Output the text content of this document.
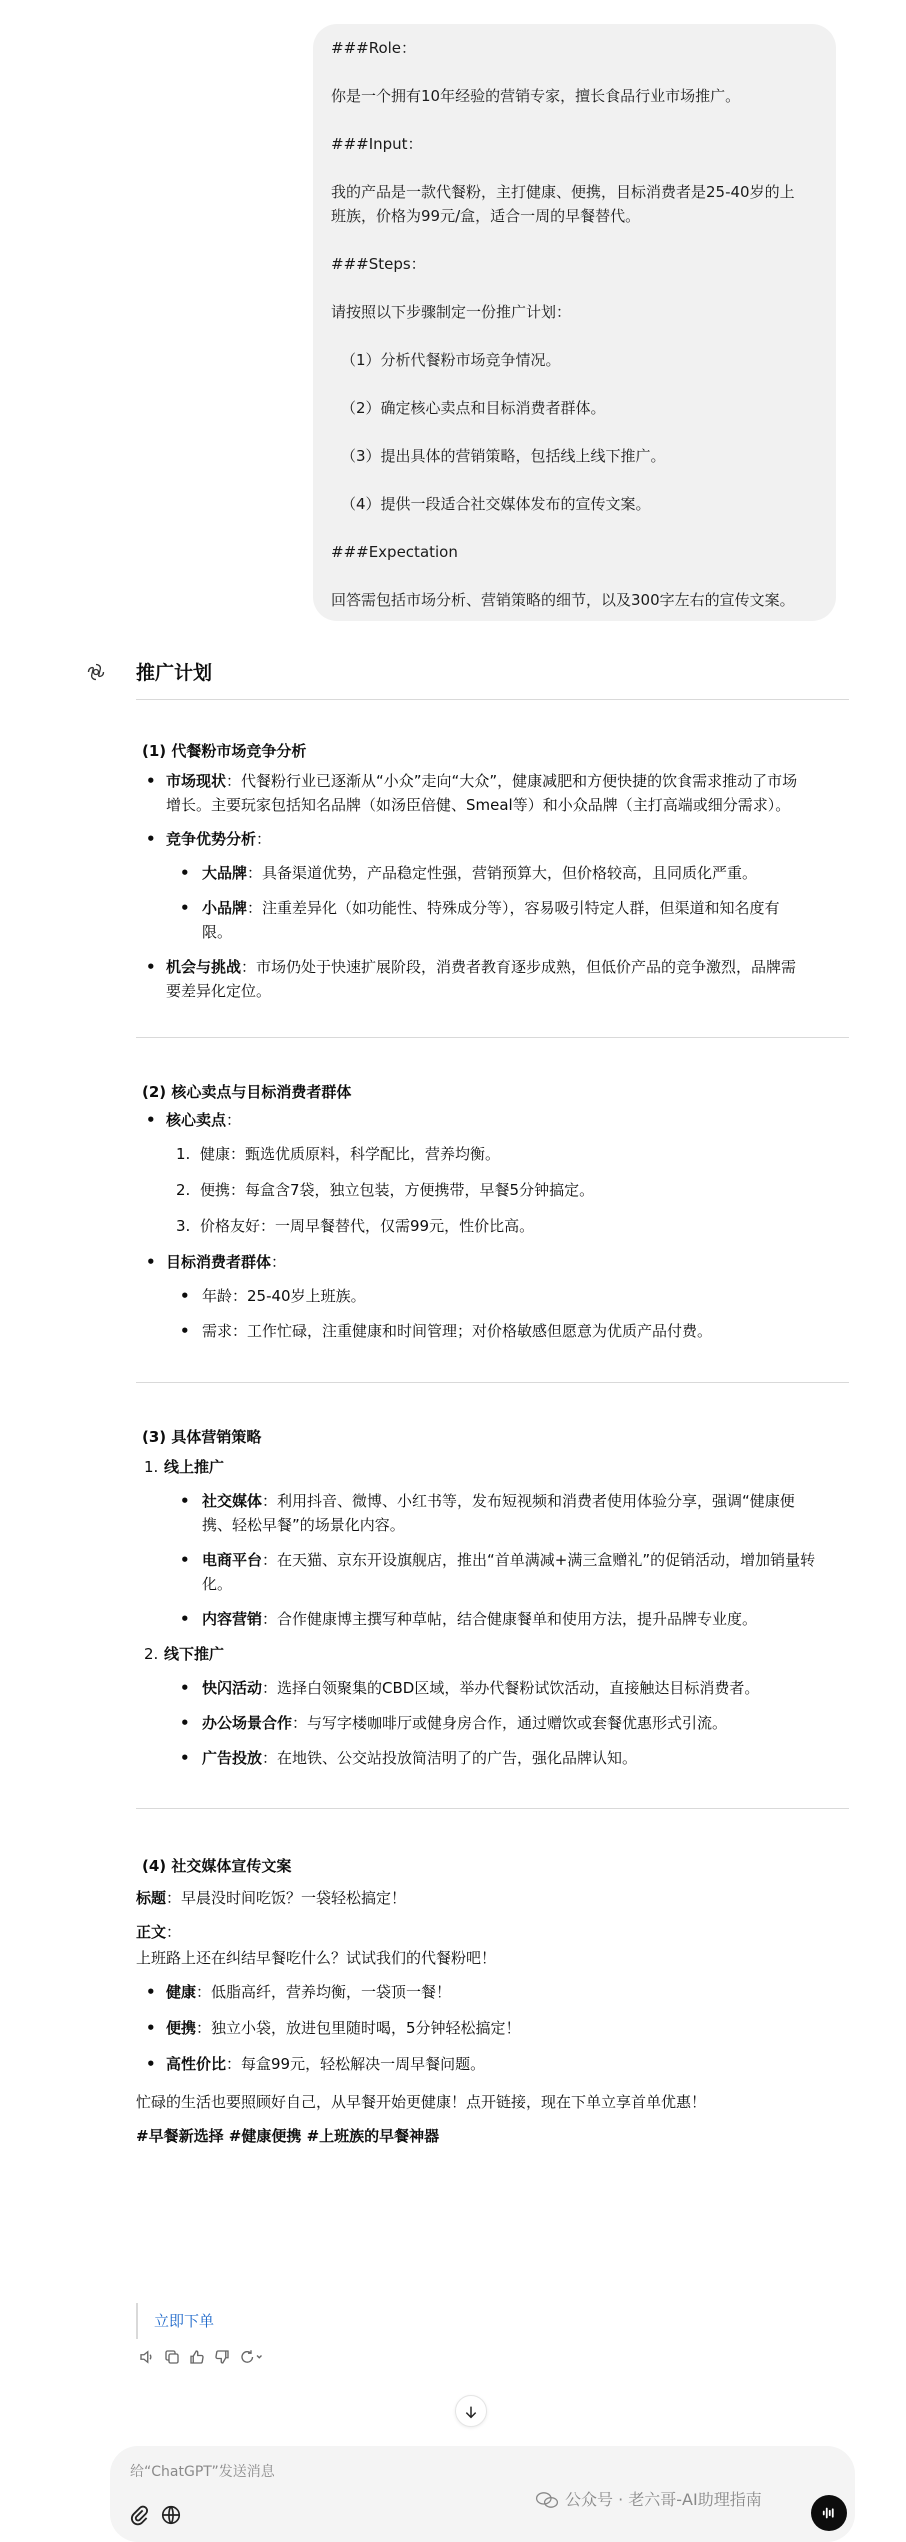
###Role：

你是一个拥有10年经验的营销专家，擅长食品行业市场推广。

###Input：

我的产品是一款代餐粉，主打健康、便携，目标消费者是25-40岁的上

班族，价格为99元/盒，适合一周的早餐替代。

###Steps：

请按照以下步骤制定一份推广计划：

（1）分析代餐粉市场竞争情况。

（2）确定核心卖点和目标消费者群体。

（3）提出具体的营销策略，包括线上线下推广。

（4）提供一段适合社交媒体发布的宣传文案。

###Expectation

回答需包括市场分析、营销策略的细节，以及300字左右的宣传文案。

推广计划

(1) 代餐粉市场竞争分析

• 市场现状：代餐粉行业已逐渐从“小众”走向“大众”，健康减肥和方便快捷的饮食需求推动了市场
增长。主要玩家包括知名品牌（如汤臣倍健、Smeal等）和小众品牌（主打高端或细分需求）。
• 竞争优势分析：
• 大品牌：具备渠道优势，产品稳定性强，营销预算大，但价格较高，且同质化严重。
• 小品牌：注重差异化（如功能性、特殊成分等），容易吸引特定人群，但渠道和知名度有
限。
• 机会与挑战：市场仍处于快速扩展阶段，消费者教育逐步成熟，但低价产品的竞争激烈，品牌需
要差异化定位。

(2) 核心卖点与目标消费者群体

• 核心卖点：
1. 健康：甄选优质原料，科学配比，营养均衡。
2. 便携：每盒含7袋，独立包装，方便携带，早餐5分钟搞定。
3. 价格友好：一周早餐替代，仅需99元，性价比高。
• 目标消费者群体：
• 年龄：25-40岁上班族。
• 需求：工作忙碌，注重健康和时间管理；对价格敏感但愿意为优质产品付费。

(3) 具体营销策略

1. 线上推广
• 社交媒体：利用抖音、微博、小红书等，发布短视频和消费者使用体验分享，强调“健康便
携、轻松早餐”的场景化内容。
• 电商平台：在天猫、京东开设旗舰店，推出“首单满减+满三盒赠礼”的促销活动，增加销量转
化。
• 内容营销：合作健康博主撰写种草帖，结合健康餐单和使用方法，提升品牌专业度。
2. 线下推广
• 快闪活动：选择白领聚集的CBD区域，举办代餐粉试饮活动，直接触达目标消费者。
• 办公场景合作：与写字楼咖啡厅或健身房合作，通过赠饮或套餐优惠形式引流。
• 广告投放：在地铁、公交站投放简洁明了的广告，强化品牌认知。

(4) 社交媒体宣传文案

标题：早晨没时间吃饭？一袋轻松搞定！

正文：

上班路上还在纠结早餐吃什么？试试我们的代餐粉吧！

• 健康：低脂高纤，营养均衡，一袋顶一餐！
• 便携：独立小袋，放进包里随时喝，5分钟轻松搞定！
• 高性价比：每盒99元，轻松解决一周早餐问题。

忙碌的生活也要照顾好自己，从早餐开始更健康！点开链接，现在下单立享首单优惠！

#早餐新选择 #健康便携 #上班族的早餐神器

立即下单
给“ChatGPT”发送消息
公众号 · 老六哥-AI助理指南
